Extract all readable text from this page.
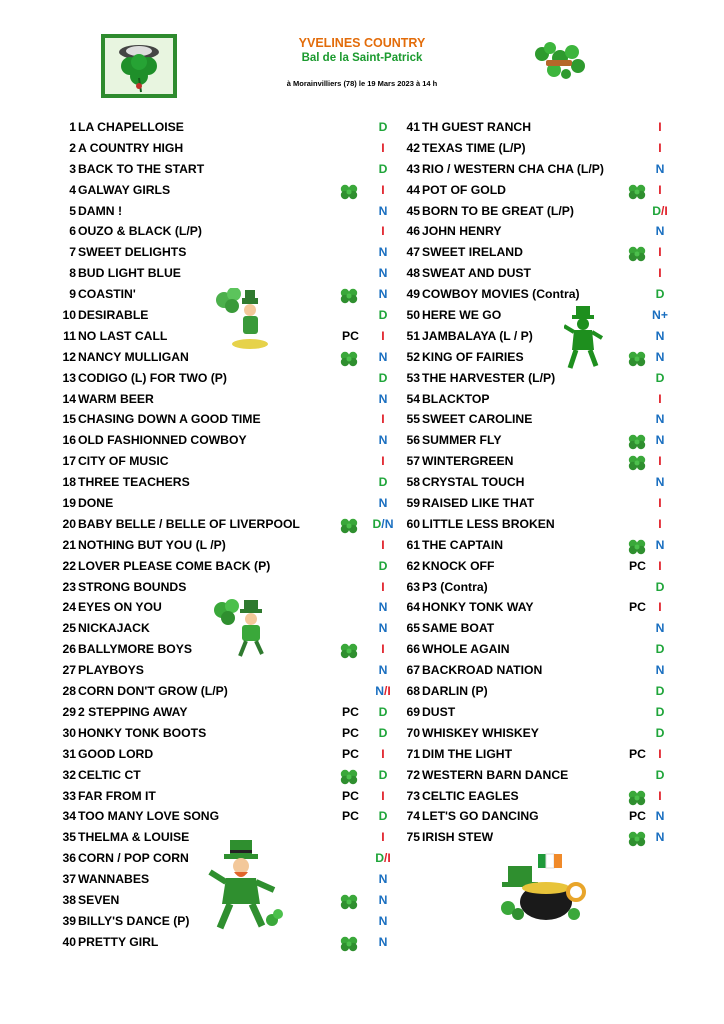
YVELINES COUNTRY
Bal de la Saint-Patrick
à Morainvilliers (78) le 19 Mars 2023 à 14 h
1 LA CHAPELLOISE	D
2 A COUNTRY HIGH	I
3 BACK TO THE START	D
4 GALWAY GIRLS	I
5 DAMN !	N
6 OUZO & BLACK (L/P)	I
7 SWEET DELIGHTS	N
8 BUD LIGHT BLUE	N
9 COASTIN'	N
10 DESIRABLE	D
11 NO LAST CALL	PC	I
12 NANCY MULLIGAN	N
13 CODIGO (L) FOR TWO (P)	D
14 WARM BEER	N
15 CHASING DOWN A GOOD TIME	I
16 OLD FASHIONNED COWBOY	N
17 CITY OF MUSIC	I
18 THREE TEACHERS	D
19 DONE	N
20 BABY BELLE / BELLE OF LIVERPOOL	D/N
21 NOTHING BUT YOU (L /P)	I
22 LOVER PLEASE COME BACK (P)	D
23 STRONG BOUNDS	I
24 EYES ON YOU	N
25 NICKAJACK	N
26 BALLYMORE BOYS	I
27 PLAYBOYS	N
28 CORN DON'T GROW (L/P)	N/I
29 2 STEPPING AWAY	PC	D
30 HONKY TONK BOOTS	PC	D
31 GOOD LORD	PC	I
32 CELTIC CT	D
33 FAR FROM IT	PC	I
34 TOO MANY LOVE SONG	PC	D
35 THELMA & LOUISE	I
36 CORN / POP CORN	D/I
37 WANNABES	N
38 SEVEN	N
39 BILLY'S DANCE (P)	N
40 PRETTY GIRL	N
41 TH GUEST RANCH	I
42 TEXAS TIME (L/P)	I
43 RIO / WESTERN CHA CHA (L/P)	N
44 POT OF GOLD	I
45 BORN TO BE GREAT (L/P)	D/I
46 JOHN HENRY	N
47 SWEET IRELAND	I
48 SWEAT AND DUST	I
49 COWBOY MOVIES (Contra)	D
50 HERE WE GO	N+
51 JAMBALAYA (L / P)	N
52 KING OF FAIRIES	N
53 THE HARVESTER (L/P)	D
54 BLACKTOP	I
55 SWEET CAROLINE	N
56 SUMMER FLY	N
57 WINTERGREEN	I
58 CRYSTAL TOUCH	N
59 RAISED LIKE THAT	I
60 LITTLE LESS BROKEN	I
61 THE CAPTAIN	N
62 KNOCK OFF	PC	I
63 P3 (Contra)	D
64 HONKY TONK WAY	PC	I
65 SAME BOAT	N
66 WHOLE AGAIN	D
67 BACKROAD NATION	N
68 DARLIN (P)	D
69 DUST	D
70 WHISKEY WHISKEY	D
71 DIM THE LIGHT	PC	I
72 WESTERN BARN DANCE	D
73 CELTIC EAGLES	I
74 LET'S GO DANCING	PC N
75 IRISH STEW	N
